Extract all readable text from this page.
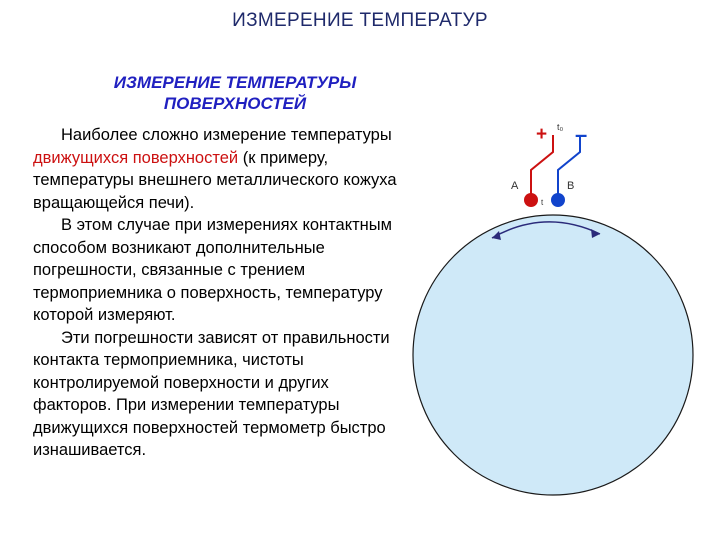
ИЗМЕРЕНИЕ ТЕМПЕРАТУР
ИЗМЕРЕНИЕ ТЕМПЕРАТУРЫ
ПОВЕРХНОСТЕЙ

Наиболее сложно измерение температуры движущихся поверхностей (к примеру, температуры внешнего металлического кожуха вращающейся печи).

В этом случае при измерениях контактным способом возникают дополнительные погрешности, связанные с трением термоприемника о поверхность, температуру которой измеряют.

Эти погрешности зависят от правильности контакта термоприемника, чистоты контролируемой поверхности и других факторов. При измерении температуры движущихся поверхностей термометр быстро изнашивается.

+ t₀ –
A	B
t
